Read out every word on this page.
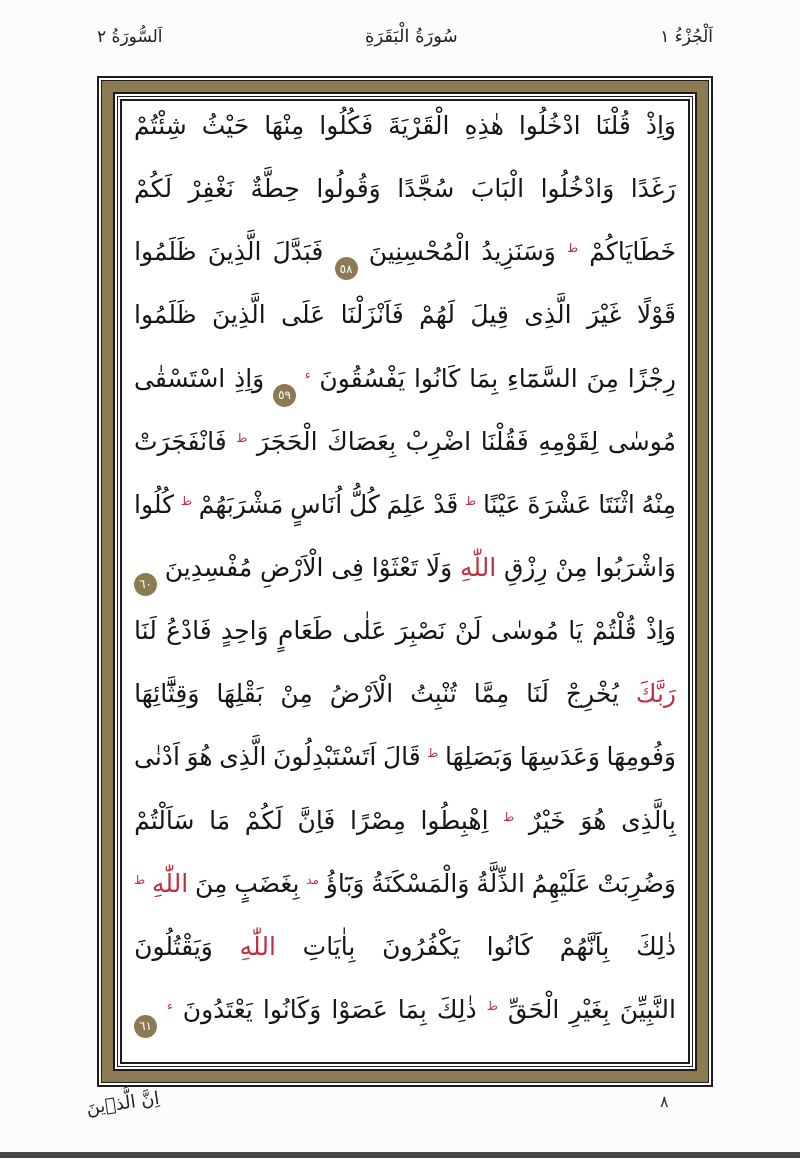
اَلْجُزْءُ ١
سُورَةُ الْبَقَرَةِ
اَلسُّورَةُ ٢
وَاِذْ
قُلْنَا
ادْخُلُوا
هٰذِهِ
الْقَرْيَةَ
فَكُلُوا
مِنْهَا
حَيْثُ
شِئْتُمْ
رَغَدًا
وَادْخُلُوا
الْبَابَ
سُجَّدًا
وَقُولُوا
حِطَّةٌ
نَغْفِرْ
لَكُمْ
خَطَايَاكُمْ
ط
وَسَنَزِيدُ
الْمُحْسِنِينَ
٥٨
فَبَدَّلَ
الَّذِينَ
ظَلَمُوا
قَوْلًا
غَيْرَ
الَّذِى
قِيلَ
لَهُمْ
فَاَنْزَلْنَا
عَلَى
الَّذِينَ
ظَلَمُوا
رِجْزًا
مِنَ
السَّمَٓاءِ
بِمَا
كَانُوا
يَفْسُقُونَ
ء
٥٩
وَاِذِ
اسْتَسْقٰى
مُوسٰى
لِقَوْمِهِ
فَقُلْنَا
اضْرِبْ
بِعَصَاكَ
الْحَجَرَ
ط
فَانْفَجَرَتْ
مِنْهُ
اثْنَتَا
عَشْرَةَ
عَيْنًا
ط
قَدْ
عَلِمَ
كُلُّ
اُنَاسٍ
مَشْرَبَهُمْ
ط
كُلُوا
وَاشْرَبُوا
مِنْ
رِزْقِ
اللّٰهِ
وَلَا
تَعْثَوْا
فِى
الْاَرْضِ
مُفْسِدِينَ
٦٠
وَاِذْ
قُلْتُمْ
يَا
مُوسٰى
لَنْ
نَصْبِرَ
عَلٰى
طَعَامٍ
وَاحِدٍ
فَادْعُ
لَنَا
رَبَّكَ
يُخْرِجْ
لَنَا
مِمَّا
تُنْبِتُ
الْاَرْضُ
مِنْ
بَقْلِهَا
وَقِثَّٓائِهَا
وَفُومِهَا
وَعَدَسِهَا
وَبَصَلِهَا
ط
قَالَ
اَتَسْتَبْدِلُونَ
الَّذِى
هُوَ
اَدْنٰى
بِالَّذِى
هُوَ
خَيْرٌ
ط
اِهْبِطُوا
مِصْرًا
فَاِنَّ
لَكُمْ
مَا
سَاَلْتُمْ
وَضُرِبَتْ
عَلَيْهِمُ
الذِّلَّةُ
وَالْمَسْكَنَةُ
وَبَٓاؤُ
مد
بِغَضَبٍ
مِنَ
اللّٰهِ
ط
ذٰلِكَ
بِاَنَّهُمْ
كَانُوا
يَكْفُرُونَ
بِاٰيَاتِ
اللّٰهِ
وَيَقْتُلُونَ
النَّبِيِّنَ
بِغَيْرِ
الْحَقِّ
ط
ذٰلِكَ
بِمَا
عَصَوْا
وَكَانُوا
يَعْتَدُونَ
ء
٦١
٨
اِنَّ الَّذ۪ينَ
